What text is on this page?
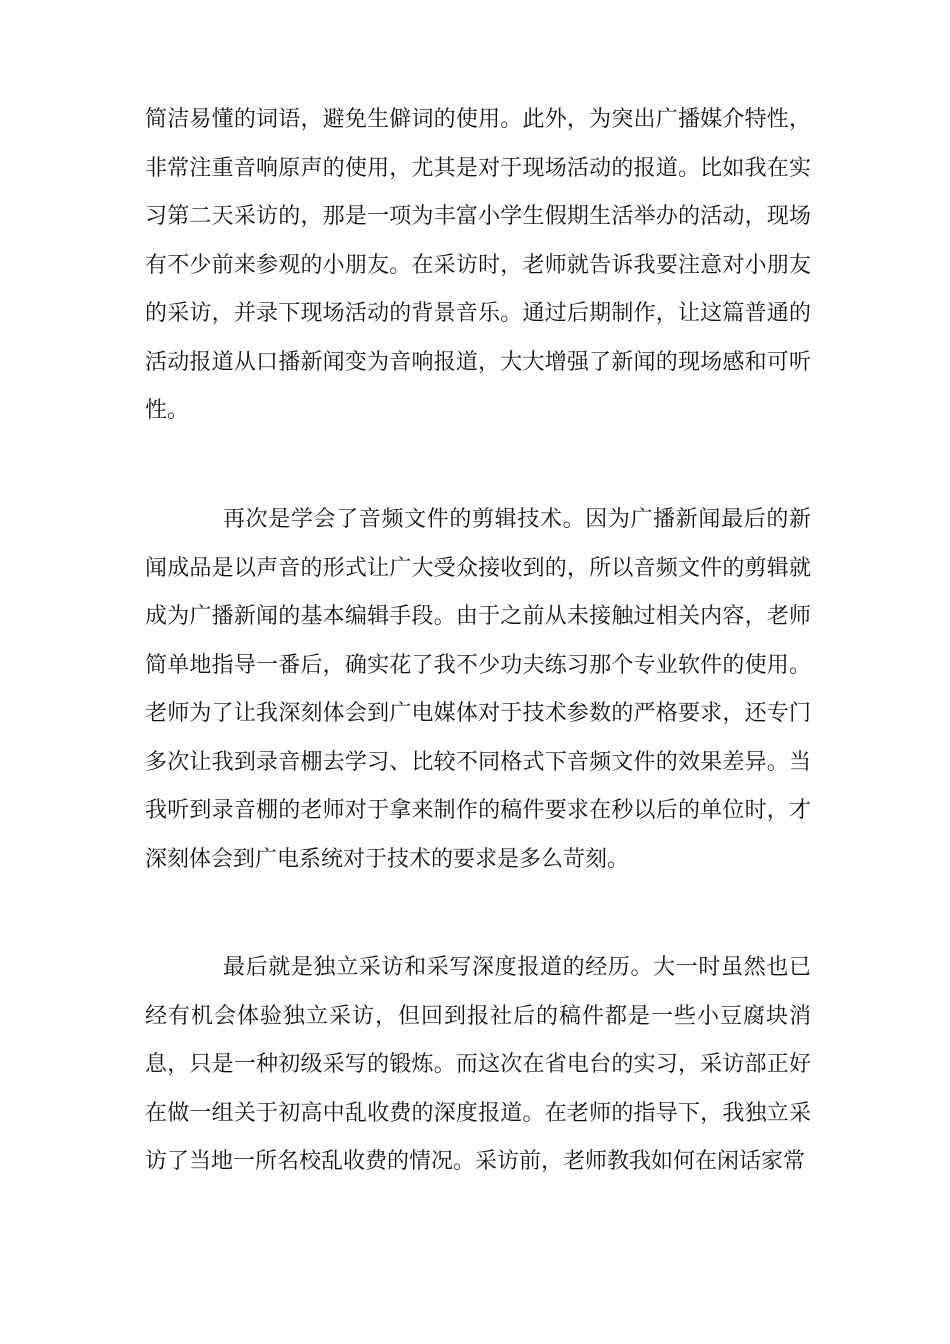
简洁易懂的词语，避免生僻词的使用。此外，为突出广播媒介特性，非常注重音响原声的使用，尤其是对于现场活动的报道。比如我在实习第二天采访的，那是一项为丰富小学生假期生活举办的活动，现场有不少前来参观的小朋友。在采访时，老师就告诉我要注意对小朋友的采访，并录下现场活动的背景音乐。通过后期制作，让这篇普通的活动报道从口播新闻变为音响报道，大大增强了新闻的现场感和可听性。

再次是学会了音频文件的剪辑技术。因为广播新闻最后的新闻成品是以声音的形式让广大受众接收到的，所以音频文件的剪辑就成为广播新闻的基本编辑手段。由于之前从未接触过相关内容，老师简单地指导一番后，确实花了我不少功夫练习那个专业软件的使用。老师为了让我深刻体会到广电媒体对于技术参数的严格要求，还专门多次让我到录音棚去学习、比较不同格式下音频文件的效果差异。当我听到录音棚的老师对于拿来制作的稿件要求在秒以后的单位时，才深刻体会到广电系统对于技术的要求是多么苛刻。

最后就是独立采访和采写深度报道的经历。大一时虽然也已经有机会体验独立采访，但回到报社后的稿件都是一些小豆腐块消息，只是一种初级采写的锻炼。而这次在省电台的实习，采访部正好在做一组关于初高中乱收费的深度报道。在老师的指导下，我独立采访了当地一所名校乱收费的情况。采访前，老师教我如何在闲话家常
